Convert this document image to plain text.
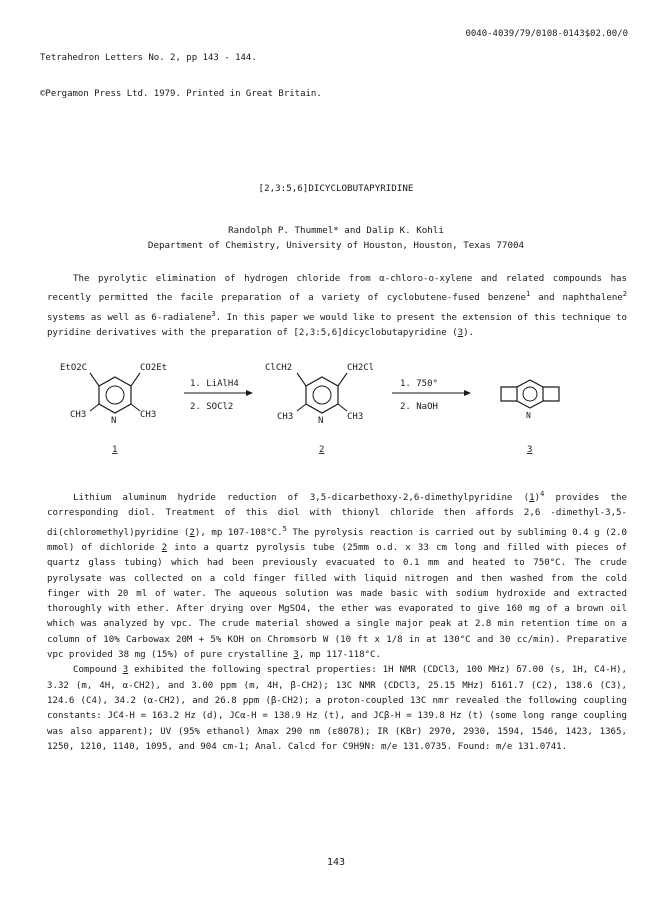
Tetrahedron Letters No. 2, pp 143 - 144.

©Pergamon Press Ltd. 1979. Printed in Great Britain.

0040-4039/79/0108-0143$02.00/0
[2,3:5,6]DICYCLOBUTAPYRIDINE
Randolph P. Thummel* and Dalip K. Kohli
Department of Chemistry, University of Houston, Houston, Texas 77004

The pyrolytic elimination of hydrogen chloride from α-chloro-o-xylene and related compounds has recently permitted the facile preparation of a variety of cyclobutene-fused benzene$^1$ and naphthalene$^2$ systems as well as 6-radialene$^3$. In this paper we would like to present the extension of this technique to pyridine derivatives with the preparation of [2,3:5,6]dicyclobutapyridine (3).

EtO2C	CO2Et
CH3	CH3
N
1
1. LiAlH4
2. SOCl2
ClCH2	CH2Cl
CH3	CH3
N
2
1. 750°
2. NaOH
N
3

Lithium aluminum hydride reduction of 3,5-dicarbethoxy-2,6-dimethylpyridine $(1)^4$ provides the corresponding diol. Treatment of this diol with thionyl chloride then affords 2,6 -dimethyl-3,5-di(chloromethyl)pyridine (2), mp 107-108°C.$^5$ The pyrolysis reaction is carried out by subliming 0.4 g (2.0 mmol) of dichloride 2 into a quartz pyrolysis tube (25mm o.d. x 33 cm long and filled with pieces of quartz glass tubing) which had been previously evacuated to 0.1 mm and heated to 750°C. The crude pyrolysate was collected on a cold finger filled with liquid nitrogen and then washed from the cold finger with 20 ml of water. The aqueous solution was made basic with sodium hydroxide and extracted thoroughly with ether. After drying over MgSO4, the ether was evaporated to give 160 mg of a brown oil which was analyzed by vpc. The crude material showed a single major peak at 2.8 min retention time on a column of 10% Carbowax 20M + 5% KOH on Chromsorb W (10 ft x 1/8 in at 130°C and 30 cc/min). Preparative vpc provided 38 mg (15%) of pure crystalline 3, mp 117-118°C.

Compound 3 exhibited the following spectral properties: 1H NMR (CDCl3, 100 MHz) δ7.00 (s, 1H, C4-H), 3.32 (m, 4H, α-CH2), and 3.00 ppm (m, 4H, β-CH2); 13C NMR (CDCl3, 25.15 MHz) δ161.7 (C2), 138.6 (C3), 124.6 (C4), 34.2 (α-CH2), and 26.8 ppm (β-CH2); a proton-coupled 13C nmr revealed the following coupling constants: JC4-H = 163.2 Hz (d), JCα-H = 138.9 Hz (t), and JCβ-H = 139.8 Hz (t) (some long range coupling was also apparent); UV (95% ethanol) λmax 290 nm (ε8078); IR (KBr) 2970, 2930, 1594, 1546, 1423, 1365, 1250, 1210, 1140, 1095, and 904 cm-1; Anal. Calcd for C9H9N: m/e 131.0735. Found: m/e 131.0741.

143
